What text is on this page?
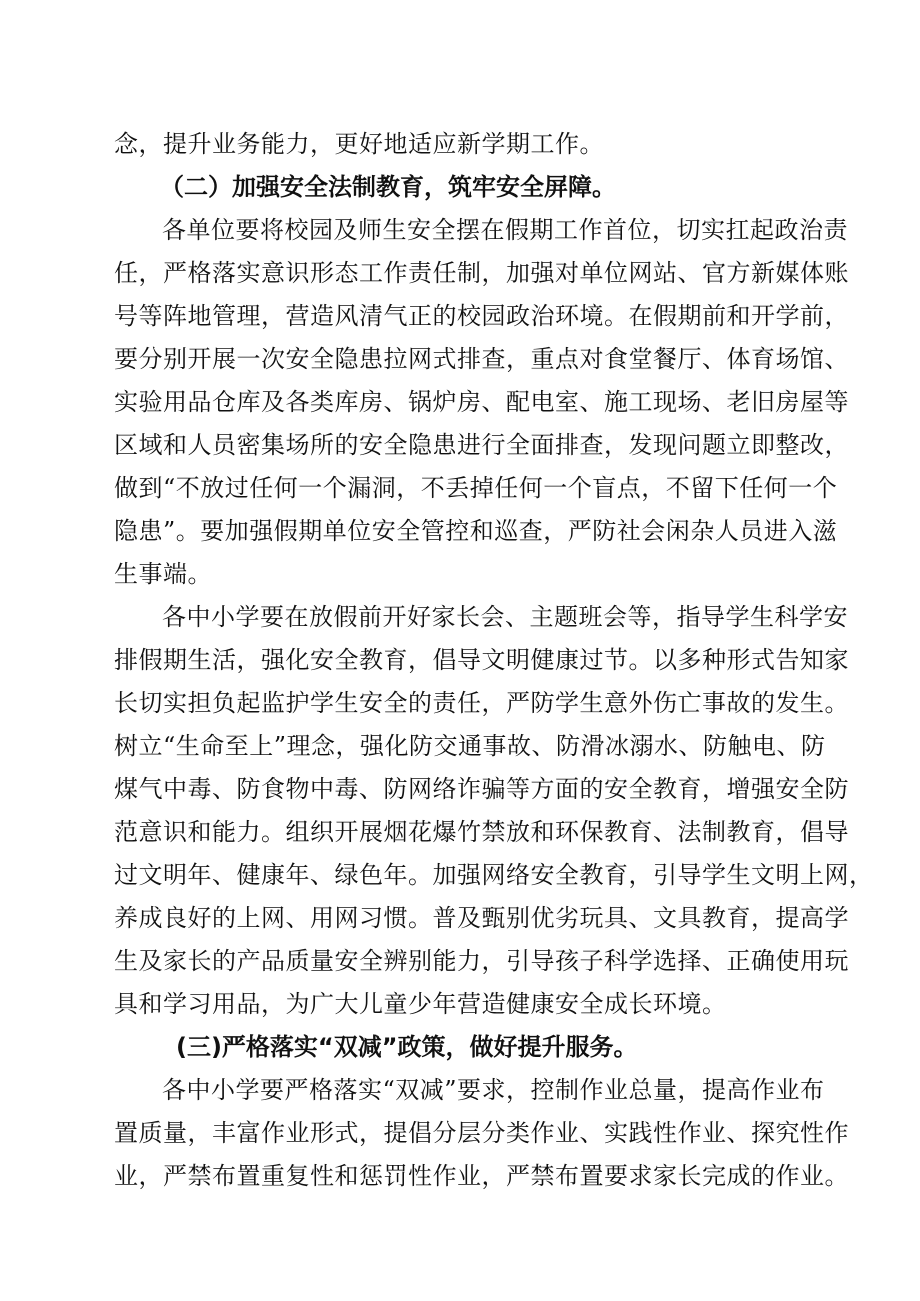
念，提升业务能力，更好地适应新学期工作。
（二）加强安全法制教育，筑牢安全屏障。
各单位要将校园及师生安全摆在假期工作首位，切实扛起政治责
任，严格落实意识形态工作责任制，加强对单位网站、官方新媒体账
号等阵地管理，营造风清气正的校园政治环境。在假期前和开学前，
要分别开展一次安全隐患拉网式排查，重点对食堂餐厅、体育场馆、
实验用品仓库及各类库房、锅炉房、配电室、施工现场、老旧房屋等
区域和人员密集场所的安全隐患进行全面排查，发现问题立即整改，
做到“不放过任何一个漏洞，不丢掉任何一个盲点，不留下任何一个
隐患”。要加强假期单位安全管控和巡查，严防社会闲杂人员进入滋
生事端。
各中小学要在放假前开好家长会、主题班会等，指导学生科学安
排假期生活，强化安全教育，倡导文明健康过节。以多种形式告知家
长切实担负起监护学生安全的责任，严防学生意外伤亡事故的发生。
树立“生命至上”理念，强化防交通事故、防滑冰溺水、防触电、防
煤气中毒、防食物中毒、防网络诈骗等方面的安全教育，增强安全防
范意识和能力。组织开展烟花爆竹禁放和环保教育、法制教育，倡导
过文明年、健康年、绿色年。加强网络安全教育，引导学生文明上网，
养成良好的上网、用网习惯。普及甄别优劣玩具、文具教育，提高学
生及家长的产品质量安全辨别能力，引导孩子科学选择、正确使用玩
具和学习用品，为广大儿童少年营造健康安全成长环境。
(三)严格落实“双减”政策，做好提升服务。
各中小学要严格落实“双减”要求，控制作业总量，提高作业布
置质量，丰富作业形式，提倡分层分类作业、实践性作业、探究性作
业，严禁布置重复性和惩罚性作业，严禁布置要求家长完成的作业。
